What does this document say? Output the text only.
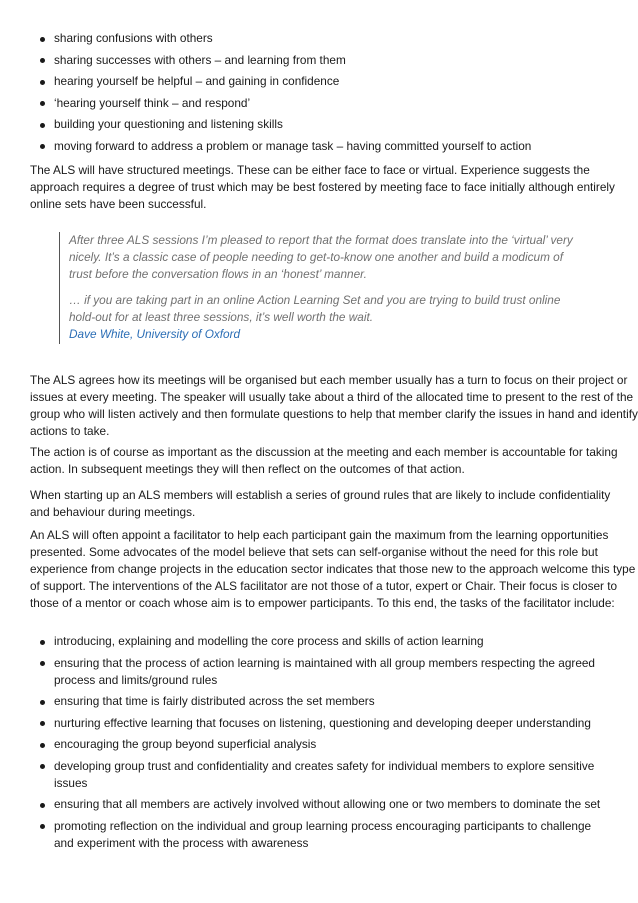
sharing confusions with others
sharing successes with others – and learning from them
hearing yourself be helpful – and gaining in confidence
‘hearing yourself think – and respond’
building your questioning and listening skills
moving forward to address a problem or manage task – having committed yourself to action

The ALS will have structured meetings. These can be either face to face or virtual. Experience suggests the approach requires a degree of trust which may be best fostered by meeting face to face initially although entirely online sets have been successful.

After three ALS sessions I’m pleased to report that the format does translate into the ‘virtual’ very nicely. It’s a classic case of people needing to get-to-know one another and build a modicum of trust before the conversation flows in an ‘honest’ manner.

… if you are taking part in an online Action Learning Set and you are trying to build trust online hold-out for at least three sessions, it’s well worth the wait.
Dave White, University of Oxford

The ALS agrees how its meetings will be organised but each member usually has a turn to focus on their project or issues at every meeting. The speaker will usually take about a third of the allocated time to present to the rest of the group who will listen actively and then formulate questions to help that member clarify the issues in hand and identify actions to take.

The action is of course as important as the discussion at the meeting and each member is accountable for taking action. In subsequent meetings they will then reflect on the outcomes of that action.

When starting up an ALS members will establish a series of ground rules that are likely to include confidentiality and behaviour during meetings.

An ALS will often appoint a facilitator to help each participant gain the maximum from the learning opportunities presented. Some advocates of the model believe that sets can self-organise without the need for this role but experience from change projects in the education sector indicates that those new to the approach welcome this type of support. The interventions of the ALS facilitator are not those of a tutor, expert or Chair. Their focus is closer to those of a mentor or coach whose aim is to empower participants. To this end, the tasks of the facilitator include:

introducing, explaining and modelling the core process and skills of action learning
ensuring that the process of action learning is maintained with all group members respecting the agreed process and limits/ground rules
ensuring that time is fairly distributed across the set members
nurturing effective learning that focuses on listening, questioning and developing deeper understanding
encouraging the group beyond superficial analysis
developing group trust and confidentiality and creates safety for individual members to explore sensitive issues
ensuring that all members are actively involved without allowing one or two members to dominate the set
promoting reflection on the individual and group learning process encouraging participants to challenge and experiment with the process with awareness
